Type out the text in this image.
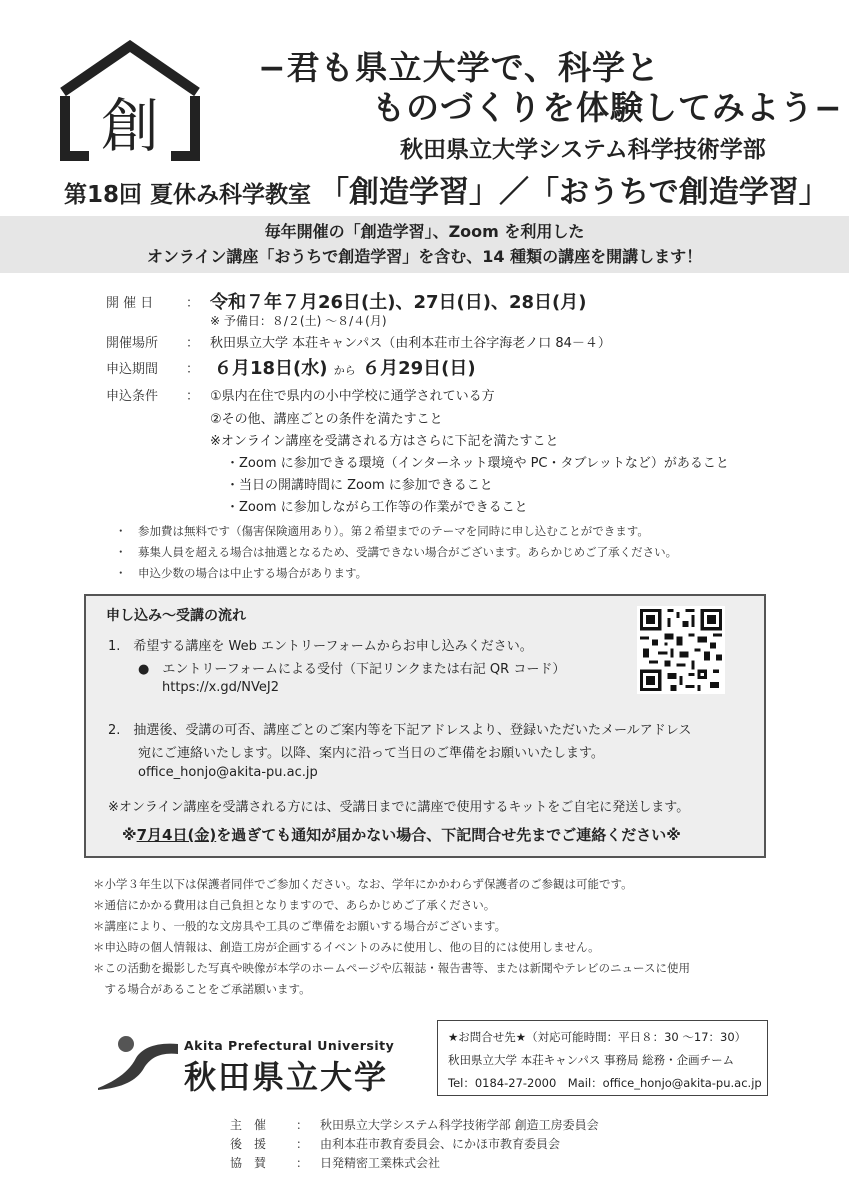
創
−君も県立大学で、科学と
ものづくりを体験してみよう−
秋田県立大学システム科学技術学部
第18回 夏休み科学教室 「創造学習」／「おうちで創造学習」
毎年開催の「創造学習」、Zoom を利用した
オンライン講座「おうちで創造学習」を含む、14 種類の講座を開講します！
開 催 日	： 令和７年７月26日(土)、27日(日)、28日(月)
※ 予備日：８/２(土) ～８/４(月)
開催場所 ： 秋田県立大学 本荘キャンパス（由利本荘市土谷字海老ノ口 84－４）
申込期間 ： ６月18日(水) から ６月29日(日)
申込条件 ： ①県内在住で県内の小中学校に通学されている方
②その他、講座ごとの条件を満たすこと
※オンライン講座を受講される方はさらに下記を満たすこと
・Zoom に参加できる環境（インターネット環境や PC・タブレットなど）があること
・当日の開講時間に Zoom に参加できること
・Zoom に参加しながら工作等の作業ができること
・　参加費は無料です（傷害保険適用あり）。第２希望までのテーマを同時に申し込むことができます。
・　募集人員を超える場合は抽選となるため、受講できない場合がございます。あらかじめご了承ください。
・　申込少数の場合は中止する場合があります。
申し込み～受講の流れ
1.　希望する講座を Web エントリーフォームからお申し込みください。
●　エントリーフォームによる受付（下記リンクまたは右記 QR コード）
https://x.gd/NVeJ2
2.　抽選後、受講の可否、講座ごとのご案内等を下記アドレスより、登録いただいたメールアドレス
宛にご連絡いたします。以降、案内に沿って当日のご準備をお願いいたします。
office_honjo@akita-pu.ac.jp
※オンライン講座を受講される方には、受講日までに講座で使用するキットをご自宅に発送します。
※7月4日(金)を過ぎても通知が届かない場合、下記問合せ先までご連絡ください※
＊小学３年生以下は保護者同伴でご参加ください。なお、学年にかかわらず保護者のご参観は可能です。
＊通信にかかる費用は自己負担となりますので、あらかじめご了承ください。
＊講座により、一般的な文房具や工具のご準備をお願いする場合がございます。
＊申込時の個人情報は、創造工房が企画するイベントのみに使用し、他の目的には使用しません。
＊この活動を撮影した写真や映像が本学のホームページや広報誌・報告書等、または新聞やテレビのニュースに使用
　する場合があることをご承諾願います。
Akita Prefectural University
秋田県立大学
★お問合せ先★（対応可能時間：平日８：30 ～17：30）
秋田県立大学 本荘キャンパス 事務局 総務・企画チーム
Tel：0184-27-2000　Mail：office_honjo@akita-pu.ac.jp
主　催 ： 秋田県立大学システム科学技術学部 創造工房委員会
後　援 ： 由利本荘市教育委員会、にかほ市教育委員会
協　賛 ： 日発精密工業株式会社
